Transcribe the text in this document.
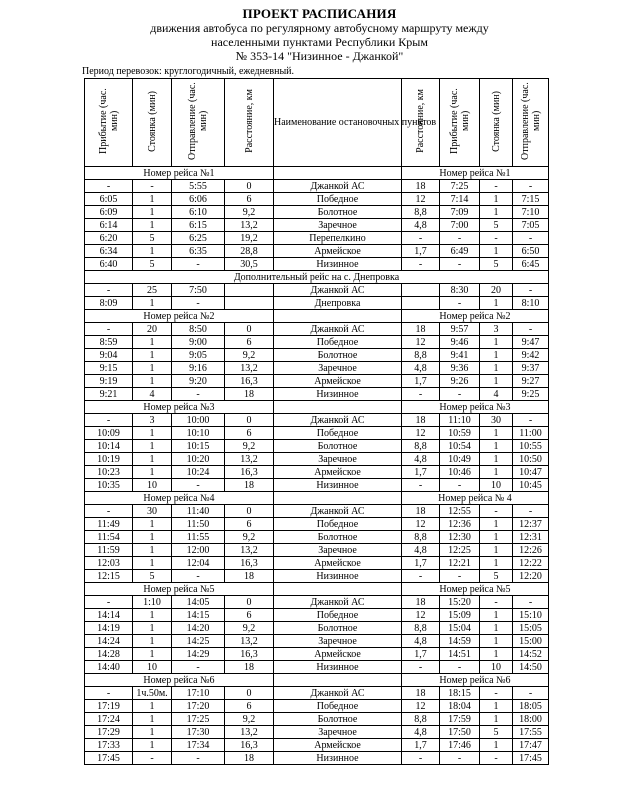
ПРОЕКТ РАСПИСАНИЯ
движения автобуса по регулярному автобусному маршруту между
населенными пунктами Республики Крым
№ 353-14 "Низинное - Джанкой"
Период перевозок: круглогодичный, ежедневный.
Прибытие (час. мин)	Стоянка (мин)	Отправление (час. мин)	Расстояние, км	Наименование остановочных пунктов	Расстояние, км	Прибытие (час. мин)	Стоянка (мин)	Отправление (час. мин)
Номер рейса №1					Номер рейса №1			
-	-	5:55	0	Джанкой АС	18	7:25	-	-
6:05	1	6:06	6	Победное	12	7:14	1	7:15
6:09	1	6:10	9,2	Болотное	8,8	7:09	1	7:10
6:14	1	6:15	13,2	Заречное	4,8	7:00	5	7:05
6:20	5	6:25	19,2	Перепелкино	-	-	-	-
6:34	1	6:35	28,8	Армейское	1,7	6:49	1	6:50
6:40	5	-	30,5	Низинное	-	-	5	6:45
Дополнительный рейс на с. Днепровка								
-	25	7:50		Джанкой АС		8:30	20	-
8:09	1	-		Днепровка		-	1	8:10
Номер рейса №2					Номер рейса №2			
-	20	8:50	0	Джанкой АС	18	9:57	3	-
8:59	1	9:00	6	Победное	12	9:46	1	9:47
9:04	1	9:05	9,2	Болотное	8,8	9:41	1	9:42
9:15	1	9:16	13,2	Заречное	4,8	9:36	1	9:37
9:19	1	9:20	16,3	Армейское	1,7	9:26	1	9:27
9:21	4	-	18	Низинное	-	-	4	9:25
Номер рейса №3					Номер рейса №3			
-	3	10:00	0	Джанкой АС	18	11:10	30	-
10:09	1	10:10	6	Победное	12	10:59	1	11:00
10:14	1	10:15	9,2	Болотное	8,8	10:54	1	10:55
10:19	1	10:20	13,2	Заречное	4,8	10:49	1	10:50
10:23	1	10:24	16,3	Армейское	1,7	10:46	1	10:47
10:35	10	-	18	Низинное	-	-	10	10:45
Номер рейса №4					Номер рейса № 4			
-	30	11:40	0	Джанкой АС	18	12:55	-	-
11:49	1	11:50	6	Победное	12	12:36	1	12:37
11:54	1	11:55	9,2	Болотное	8,8	12:30	1	12:31
11:59	1	12:00	13,2	Заречное	4,8	12:25	1	12:26
12:03	1	12:04	16,3	Армейское	1,7	12:21	1	12:22
12:15	5	-	18	Низинное	-	-	5	12:20
Номер рейса №5					Номер рейса №5			
-	1:10	14:05	0	Джанкой АС	18	15:20	-	-
14:14	1	14:15	6	Победное	12	15:09	1	15:10
14:19	1	14:20	9,2	Болотное	8,8	15:04	1	15:05
14:24	1	14:25	13,2	Заречное	4,8	14:59	1	15:00
14:28	1	14:29	16,3	Армейское	1,7	14:51	1	14:52
14:40	10	-	18	Низинное	-	-	10	14:50
Номер рейса №6					Номер рейса №6			
-	1ч.50м.	17:10	0	Джанкой АС	18	18:15	-	-
17:19	1	17:20	6	Победное	12	18:04	1	18:05
17:24	1	17:25	9,2	Болотное	8,8	17:59	1	18:00
17:29	1	17:30	13,2	Заречное	4,8	17:50	5	17:55
17:33	1	17:34	16,3	Армейское	1,7	17:46	1	17:47
17:45	-	-	18	Низинное	-	-	-	17:45
